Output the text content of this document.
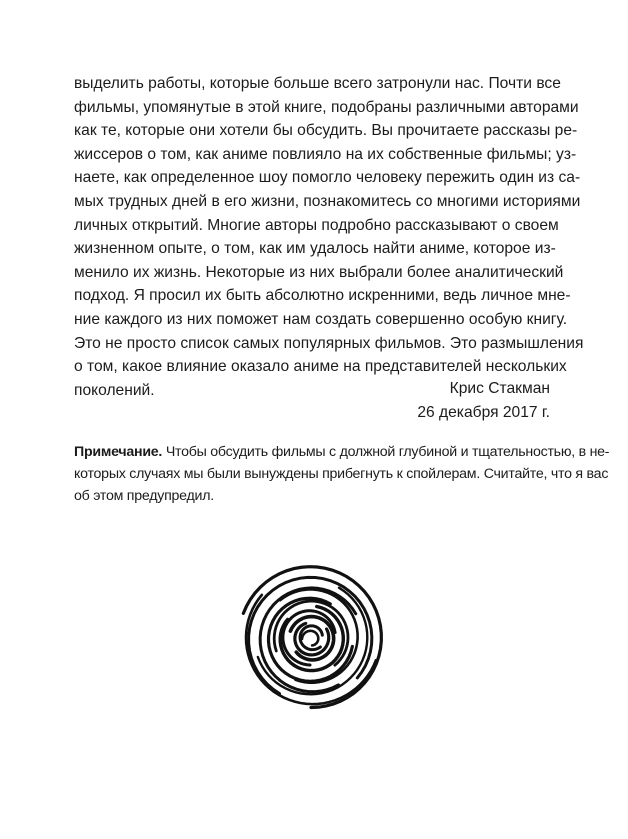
выделить работы, которые больше всего затронули нас. Почти все
фильмы, упомянутые в этой книге, подобраны различными авторами
как те, которые они хотели бы обсудить. Вы прочитаете рассказы ре-
жиссеров о том, как аниме повлияло на их собственные фильмы; уз-
наете, как определенное шоу помогло человеку пережить один из са-
мых трудных дней в его жизни, познакомитесь со многими историями
личных открытий. Многие авторы подробно рассказывают о своем
жизненном опыте, о том, как им удалось найти аниме, которое из-
менило их жизнь. Некоторые из них выбрали более аналитический
подход. Я просил их быть абсолютно искренними, ведь личное мне-
ние каждого из них поможет нам создать совершенно особую книгу.
Это не просто список самых популярных фильмов. Это размышления
о том, какое влияние оказало аниме на представителей нескольких
поколений.	Крис Стакман
26 декабря 2017 г.
Примечание. Чтобы обсудить фильмы с должной глубиной и тщательностью, в не-
которых случаях мы были вынуждены прибегнуть к спойлерам. Считайте, что я вас
об этом предупредил.
